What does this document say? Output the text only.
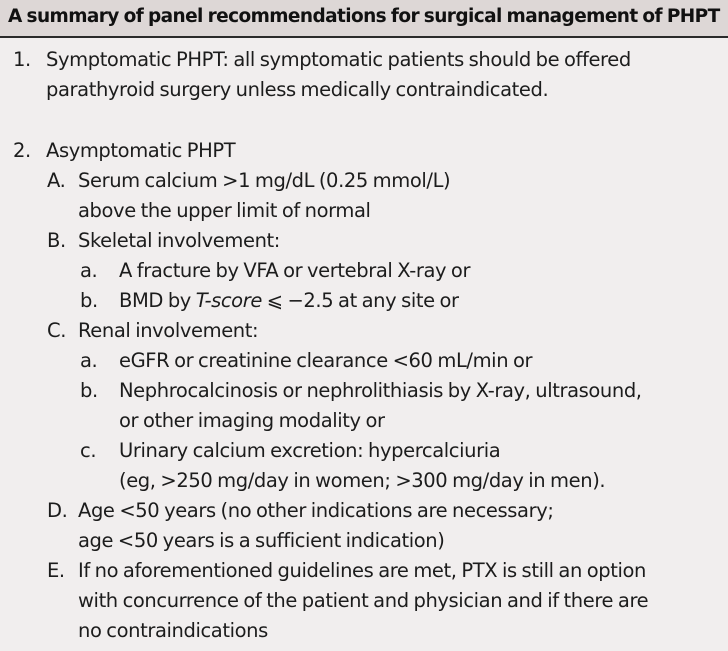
A summary of panel recommendations for surgical management of PHPT
1. Symptomatic PHPT: all symptomatic patients should be offered
parathyroid surgery unless medically contraindicated.
2. Asymptomatic PHPT
A. Serum calcium >1 mg/dL (0.25 mmol/L)
above the upper limit of normal
B. Skeletal involvement:
a. A fracture by VFA or vertebral X-ray or
b. BMD by T-score ⩽ −2.5 at any site or
C. Renal involvement:
a. eGFR or creatinine clearance <60 mL/min or
b. Nephrocalcinosis or nephrolithiasis by X-ray, ultrasound,
or other imaging modality or
c. Urinary calcium excretion: hypercalciuria
(eg, >250 mg/day in women; >300 mg/day in men).
D. Age <50 years (no other indications are necessary;
age <50 years is a sufficient indication)
E. If no aforementioned guidelines are met, PTX is still an option
with concurrence of the patient and physician and if there are
no contraindications
